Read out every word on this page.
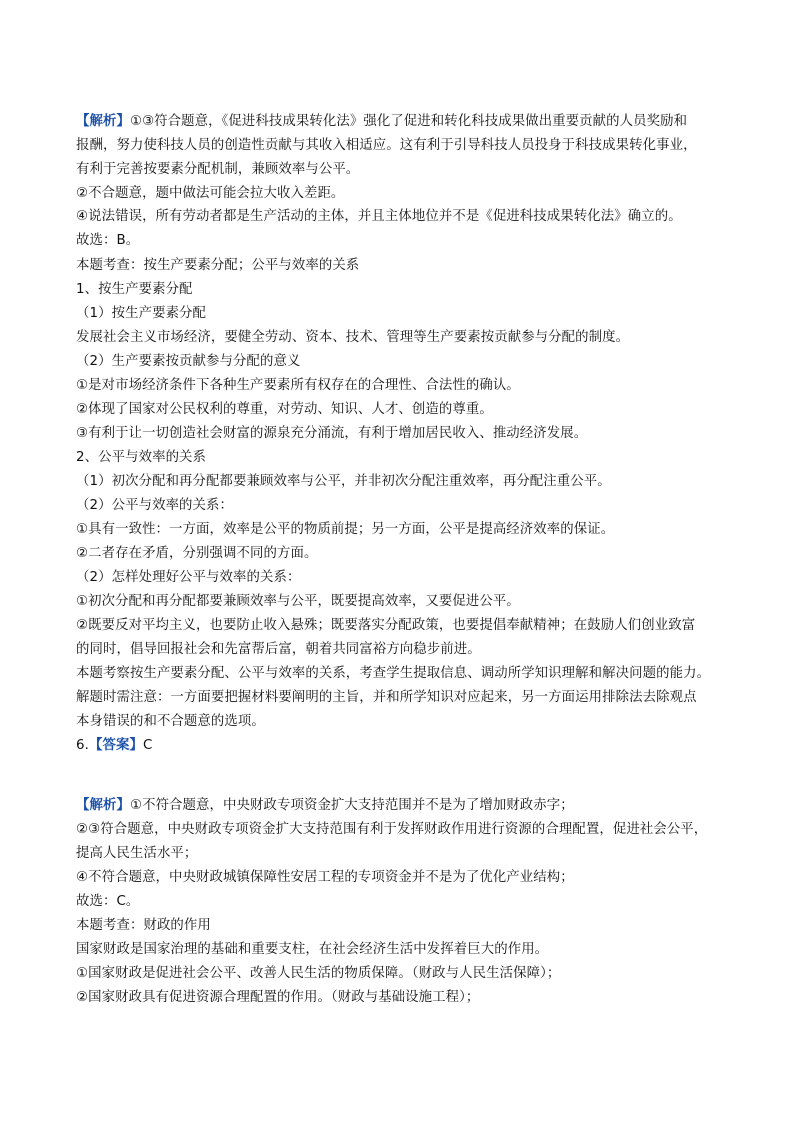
【解析】①③符合题意，《促进科技成果转化法》强化了促进和转化科技成果做出重要贡献的人员奖励和
报酬，努力使科技人员的创造性贡献与其收入相适应。这有利于引导科技人员投身于科技成果转化事业，
有利于完善按要素分配机制，兼顾效率与公平。
②不合题意，题中做法可能会拉大收入差距。
④说法错误，所有劳动者都是生产活动的主体，并且主体地位并不是《促进科技成果转化法》确立的。
故选：B。
本题考查：按生产要素分配；公平与效率的关系
1、按生产要素分配
（1）按生产要素分配
发展社会主义市场经济，要健全劳动、资本、技术、管理等生产要素按贡献参与分配的制度。
（2）生产要素按贡献参与分配的意义
①是对市场经济条件下各种生产要素所有权存在的合理性、合法性的确认。
②体现了国家对公民权利的尊重，对劳动、知识、人才、创造的尊重。
③有利于让一切创造社会财富的源泉充分涌流，有利于增加居民收入、推动经济发展。
2、公平与效率的关系
（1）初次分配和再分配都要兼顾效率与公平，并非初次分配注重效率，再分配注重公平。
（2）公平与效率的关系：
①具有一致性：一方面，效率是公平的物质前提；另一方面，公平是提高经济效率的保证。
②二者存在矛盾，分别强调不同的方面。
（2）怎样处理好公平与效率的关系：
①初次分配和再分配都要兼顾效率与公平，既要提高效率，又要促进公平。
②既要反对平均主义，也要防止收入悬殊；既要落实分配政策，也要提倡奉献精神；在鼓励人们创业致富
的同时，倡导回报社会和先富帮后富，朝着共同富裕方向稳步前进。
本题考察按生产要素分配、公平与效率的关系，考查学生提取信息、调动所学知识理解和解决问题的能力。
解题时需注意：一方面要把握材料要阐明的主旨，并和所学知识对应起来，另一方面运用排除法去除观点
本身错误的和不合题意的选项。
6.【答案】C
【解析】①不符合题意，中央财政专项资金扩大支持范围并不是为了增加财政赤字；
②③符合题意，中央财政专项资金扩大支持范围有利于发挥财政作用进行资源的合理配置，促进社会公平，
提高人民生活水平；
④不符合题意，中央财政城镇保障性安居工程的专项资金并不是为了优化产业结构；
故选：C。
本题考查：财政的作用
国家财政是国家治理的基础和重要支柱，在社会经济生活中发挥着巨大的作用。
①国家财政是促进社会公平、改善人民生活的物质保障。（财政与人民生活保障）；
②国家财政具有促进资源合理配置的作用。（财政与基础设施工程）；
